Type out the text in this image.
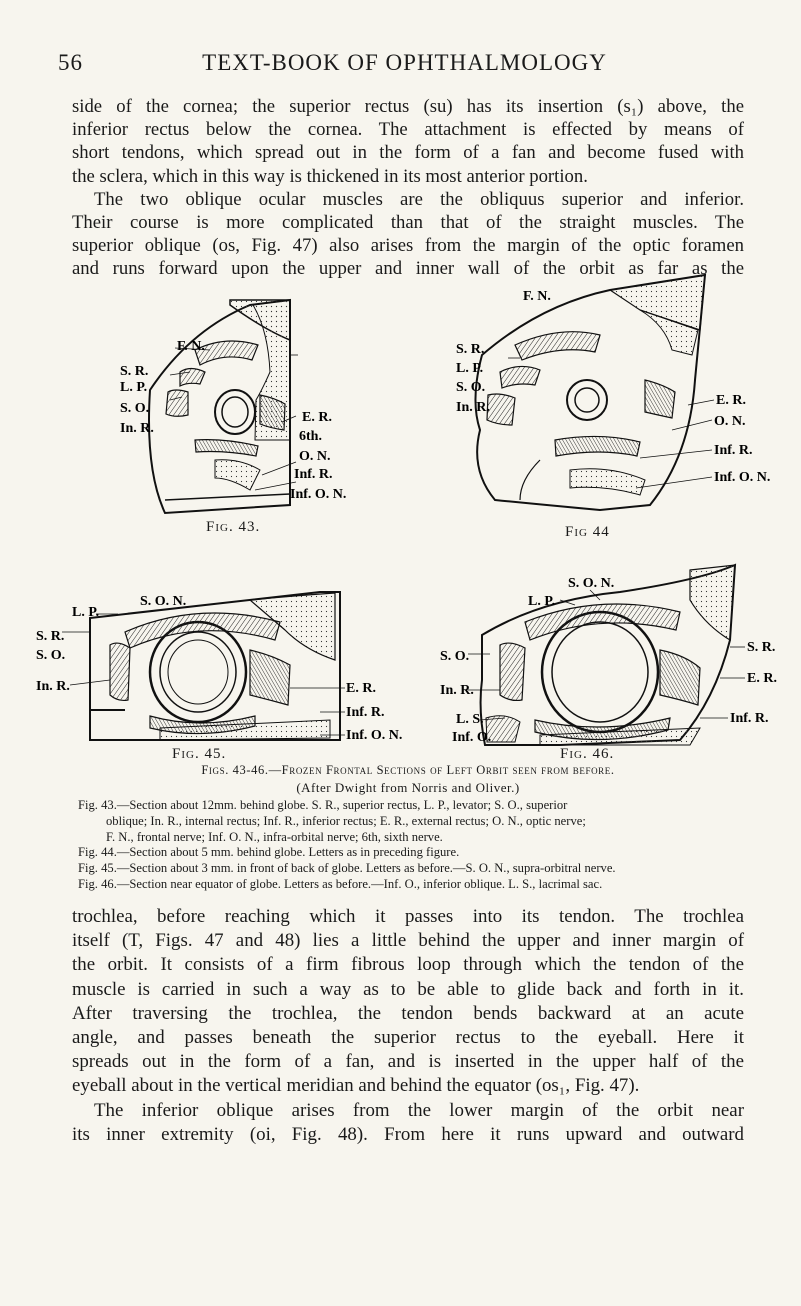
56	TEXT-BOOK OF OPHTHALMOLOGY
side of the cornea; the superior rectus (su) has its insertion (s₁) above, the
inferior rectus below the cornea. The attachment is effected by means of
short tendons, which spread out in the form of a fan and become fused with
the sclera, which in this way is thickened in its most anterior portion.
The two oblique ocular muscles are the obliquus superior and inferior.
Their course is more complicated than that of the straight muscles. The
superior oblique (os, Fig. 47) also arises from the margin of the optic foramen
and runs forward upon the upper and inner wall of the orbit as far as the
F. N.
S. R.
L. P.
S. O.
In. R.
E. R.
6th.
O. N.
Inf. R.
Inf. O. N.
F. N.
S. R.
L. P.
S. O.
In. R.	E. R.
O. N.
Inf. R.
Inf. O. N.
S. O. N.
L. P.
S. R.
S. O.
In. R.	E. R.
Inf. R.
Inf. O. N.
S. O. N.
L. P.
S. O.
In. R.
L. S.
Inf. O.
S. R.
E. R.
Inf. R.
Fig. 43.	Fig 44
Fig. 45.	Fig. 46.
Figs. 43-46.—Frozen Frontal Sections of Left Orbit seen from before.
(After Dwight from Norris and Oliver.)
Fig. 43.—Section about 12mm. behind globe. S. R., superior rectus, L. P., levator; S. O., superior
oblique; In. R., internal rectus; Inf. R., inferior rectus; E. R., external rectus; O. N., optic nerve;
F. N., frontal nerve; Inf. O. N., infra-orbital nerve; 6th, sixth nerve.
Fig. 44.—Section about 5 mm. behind globe. Letters as in preceding figure.
Fig. 45.—Section about 3 mm. in front of back of globe. Letters as before.—S. O. N., supra-orbitral nerve.
Fig. 46.—Section near equator of globe. Letters as before.—Inf. O., inferior oblique. L. S., lacrimal sac.
trochlea, before reaching which it passes into its tendon. The trochlea
itself (T, Figs. 47 and 48) lies a little behind the upper and inner margin of
the orbit. It consists of a firm fibrous loop through which the tendon of the
muscle is carried in such a way as to be able to glide back and forth in it.
After traversing the trochlea, the tendon bends backward at an acute
angle, and passes beneath the superior rectus to the eyeball. Here it
spreads out in the form of a fan, and is inserted in the upper half of the
eyeball about in the vertical meridian and behind the equator (os₁, Fig. 47).
The inferior oblique arises from the lower margin of the orbit near
its inner extremity (oi, Fig. 48). From here it runs upward and outward
